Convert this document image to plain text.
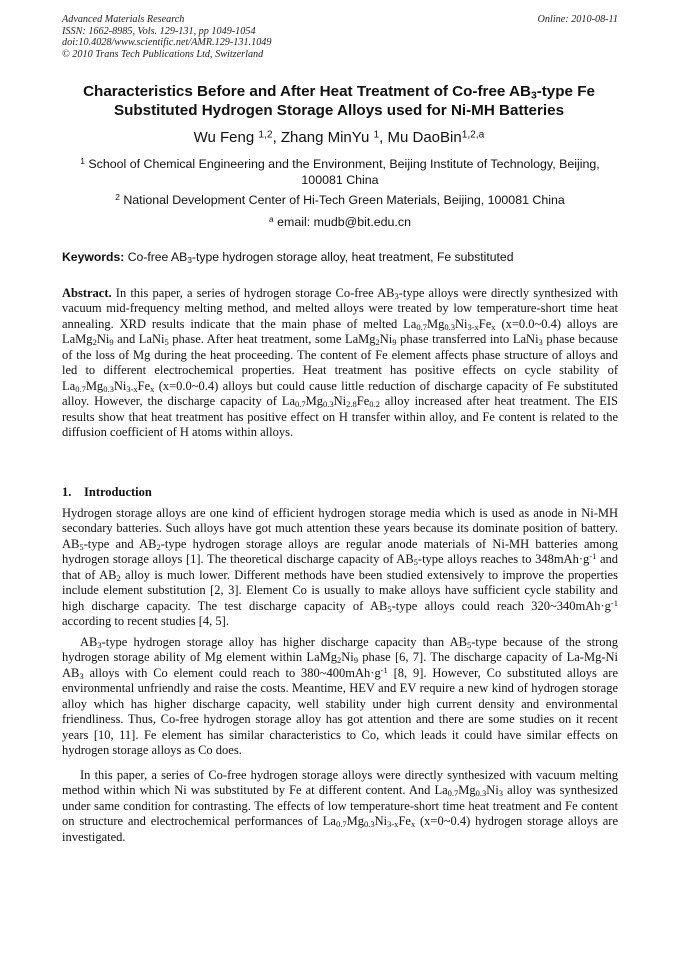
Advanced Materials Research
ISSN: 1662-8985, Vols. 129-131, pp 1049-1054
doi:10.4028/www.scientific.net/AMR.129-131.1049
© 2010 Trans Tech Publications Ltd, Switzerland
Online: 2010-08-11
Characteristics Before and After Heat Treatment of Co-free $AB_3$-type Fe
Substituted Hydrogen Storage Alloys used for Ni-MH Batteries
Wu Feng $^{1,2}$, Zhang MinYu $^1$, Mu DaoBin$^{1,2,a}$
$^1$ School of Chemical Engineering and the Environment, Beijing Institute of Technology, Beijing, 100081 China
$^2$ National Development Center of Hi-Tech Green Materials, Beijing, 100081 China
$^a$ email: mudb@bit.edu.cn
Keywords: Co-free $AB_3$-type hydrogen storage alloy, heat treatment, Fe substituted
Abstract. In this paper, a series of hydrogen storage Co-free $AB_3$-type alloys were directly synthesized with vacuum mid-frequency melting method, and melted alloys were treated by low temperature-short time heat annealing. XRD results indicate that the main phase of melted $La_{0.7}Mg_{0.3}Ni_{3-x}Fe_x$ (x=0.0~0.4) alloys are $LaMg_2Ni_9$ and LaNi$_5$ phase. After heat treatment, some $LaMg_2Ni_9$ phase transferred into LaNi$_3$ phase because of the loss of Mg during the heat proceeding. The content of Fe element affects phase structure of alloys and led to different electrochemical properties. Heat treatment has positive effects on cycle stability of $La_{0.7}Mg_{0.3}Ni_{3-x}Fe_x$ (x=0.0~0.4) alloys but could cause little reduction of discharge capacity of Fe substituted alloy. However, the discharge capacity of $La_{0.7}Mg_{0.3}Ni_{2.8}Fe_{0.2}$ alloy increased after heat treatment. The EIS results show that heat treatment has positive effect on H transfer within alloy, and Fe content is related to the diffusion coefficient of H atoms within alloys.
1. Introduction
Hydrogen storage alloys are one kind of efficient hydrogen storage media which is used as anode in Ni-MH secondary batteries. Such alloys have got much attention these years because its dominate position of battery. $AB_5$-type and $AB_2$-type hydrogen storage alloys are regular anode materials of Ni-MH batteries among hydrogen storage alloys [1]. The theoretical discharge capacity of $AB_5$-type alloys reaches to $348mAh\cdot g^{-1}$ and that of $AB_2$ alloy is much lower. Different methods have been studied extensively to improve the properties include element substitution [2, 3]. Element Co is usually to make alloys have sufficient cycle stability and high discharge capacity. The test discharge capacity of $AB_5$-type alloys could reach $320\sim 340mAh\cdot g^{-1}$ according to recent studies [4, 5].
$AB_3$-type hydrogen storage alloy has higher discharge capacity than $AB_5$-type because of the strong hydrogen storage ability of Mg element within $LaMg_2Ni_9$ phase [6, 7]. The discharge capacity of La-Mg-Ni $AB_3$ alloys with Co element could reach to $380\sim 400mAh\cdot g^{-1}$ [8, 9]. However, Co substituted alloys are environmental unfriendly and raise the costs. Meantime, HEV and EV require a new kind of hydrogen storage alloy which has higher discharge capacity, well stability under high current density and environmental friendliness. Thus, Co-free hydrogen storage alloy has got attention and there are some studies on it recent years [10, 11]. Fe element has similar characteristics to Co, which leads it could have similar effects on hydrogen storage alloys as Co does.
In this paper, a series of Co-free hydrogen storage alloys were directly synthesized with vacuum melting method within which Ni was substituted by Fe at different content. And $La_{0.7}Mg_{0.3}Ni_3$ alloy was synthesized under same condition for contrasting. The effects of low temperature-short time heat treatment and Fe content on structure and electrochemical performances of $La_{0.7}Mg_{0.3}Ni_{3-x}Fe_x$ (x=0~0.4) hydrogen storage alloys are investigated.
